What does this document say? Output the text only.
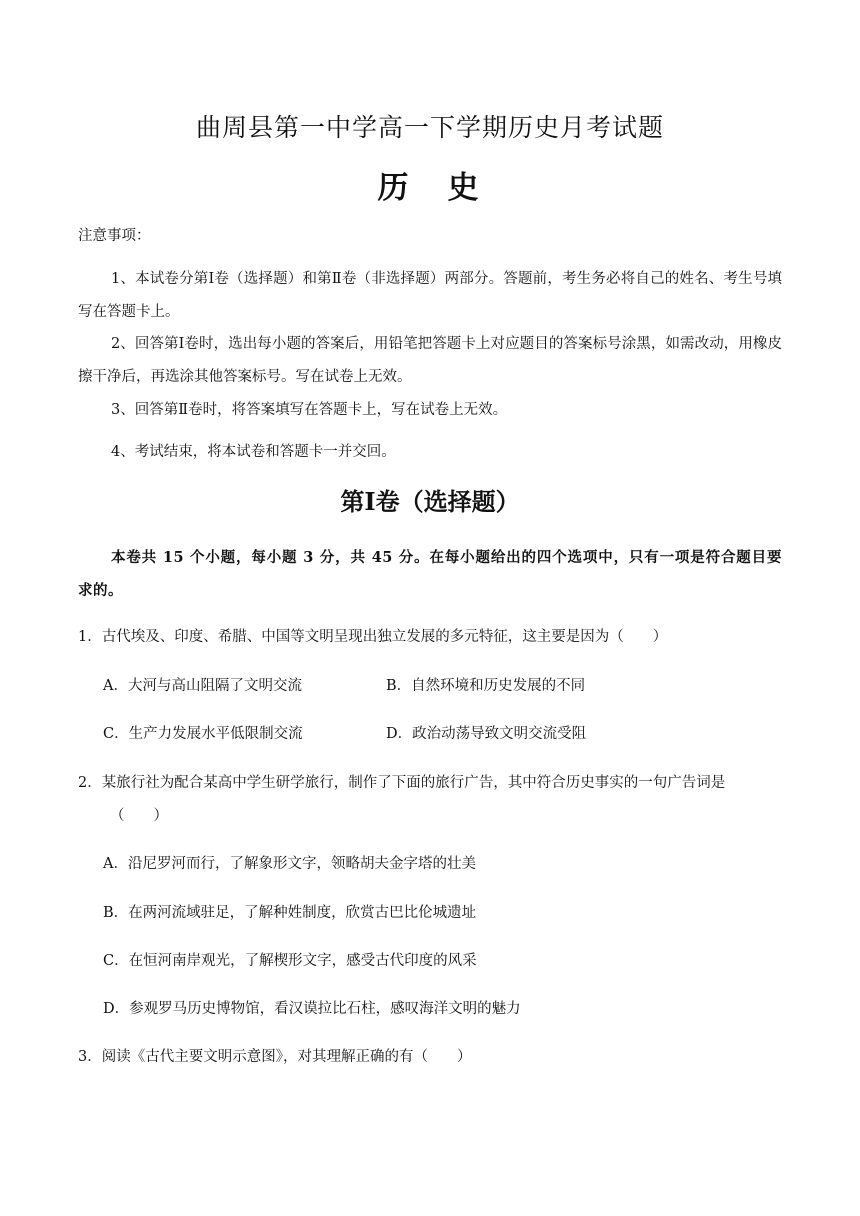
曲周县第一中学高一下学期历史月考试题
历　史
注意事项：
1、本试卷分第Ⅰ卷（选择题）和第Ⅱ卷（非选择题）两部分。答题前，考生务必将自己的姓名、考生号填写在答题卡上。
2、回答第Ⅰ卷时，选出每小题的答案后，用铅笔把答题卡上对应题目的答案标号涂黑，如需改动，用橡皮擦干净后，再选涂其他答案标号。写在试卷上无效。
3、回答第Ⅱ卷时，将答案填写在答题卡上，写在试卷上无效。
4、考试结束，将本试卷和答题卡一并交回。
第Ⅰ卷（选择题）
本卷共 15 个小题，每小题 3 分，共 45 分。在每小题给出的四个选项中，只有一项是符合题目要求的。
1．古代埃及、印度、希腊、中国等文明呈现出独立发展的多元特征，这主要是因为（　　）
A．大河与高山阻隔了文明交流	B．自然环境和历史发展的不同
C．生产力发展水平低限制交流	D．政治动荡导致文明交流受阻
2．某旅行社为配合某高中学生研学旅行，制作了下面的旅行广告，其中符合历史事实的一句广告词是
（　　）
A．沿尼罗河而行，了解象形文字，领略胡夫金字塔的壮美
B．在两河流域驻足，了解种姓制度，欣赏古巴比伦城遗址
C．在恒河南岸观光，了解楔形文字，感受古代印度的风采
D．参观罗马历史博物馆，看汉谟拉比石柱，感叹海洋文明的魅力
3．阅读《古代主要文明示意图》，对其理解正确的有（　　）
